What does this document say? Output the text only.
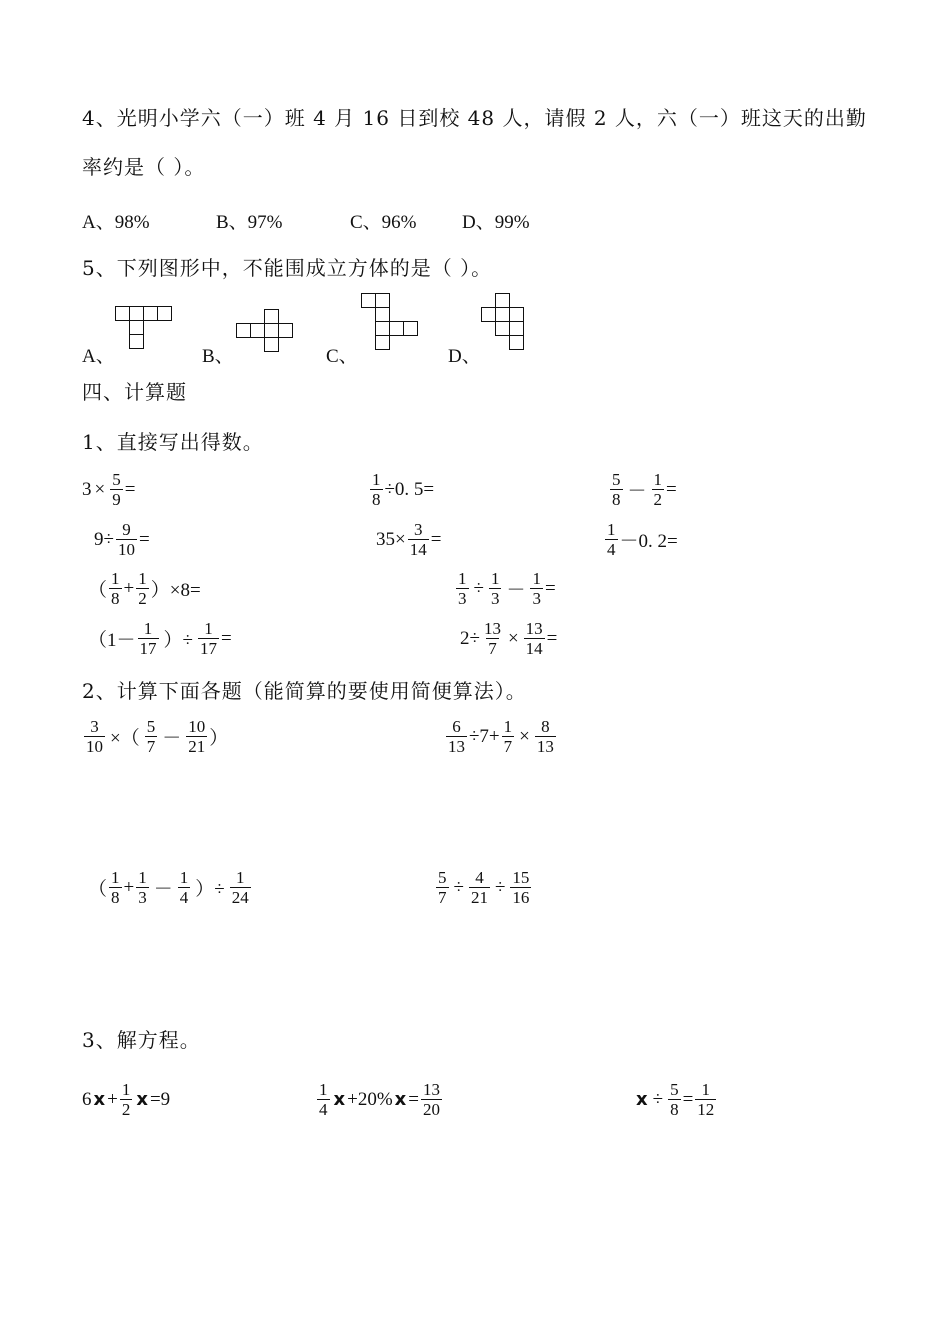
4、光明小学六（一）班 4 月 16 日到校 48 人，请假 2 人，六（一）班这天的出勤
率约是（ ）。
A、98%	B、97%	C、96% D、99%
5、下列图形中，不能围成立方体的是（ ）。
A、	B、	C、	D、
四、计算题
1、直接写出得数。
$3 \times \frac{5}{9}$ =	$\frac{1}{8} \div 0$. 5=	$\frac{5}{8} - \frac{1}{2}$ =
$9\div \frac{9}{10}$ =	$35\times \frac{3}{14}$ =	$\frac{1}{4} -0$. 2=
（ $\frac{1}{8} + \frac{1}{2} )\times 8=$	$\frac{1}{3} \div \frac{1}{3} - \frac{1}{3}$ =
（$1- \frac{1}{17}$ ）÷ $\frac{1}{17}$ =	$2\div \frac{13}{7} \times \frac{13}{14}$ =
2、计算下面各题（能简算的要使用简便算法）。
$\frac{3}{10}$ ×（ $\frac{5}{7} - \frac{10}{21}$ ）	$\frac{6}{13} \div 7+ \frac{1}{7} \times \frac{8}{13}$
（ $\frac{1}{8} + \frac{1}{3} - \frac{1}{4}$ ）÷ $\frac{1}{24}$	$\frac{5}{7} \div \frac{4}{21} \div \frac{15}{16}$
3、解方程。
6 $x + \frac{1}{2}$ x =9	$\frac{1}{4}$ x +20% $x = \frac{13}{20}$	$x \div \frac{5}{8} = \frac{1}{12}$
